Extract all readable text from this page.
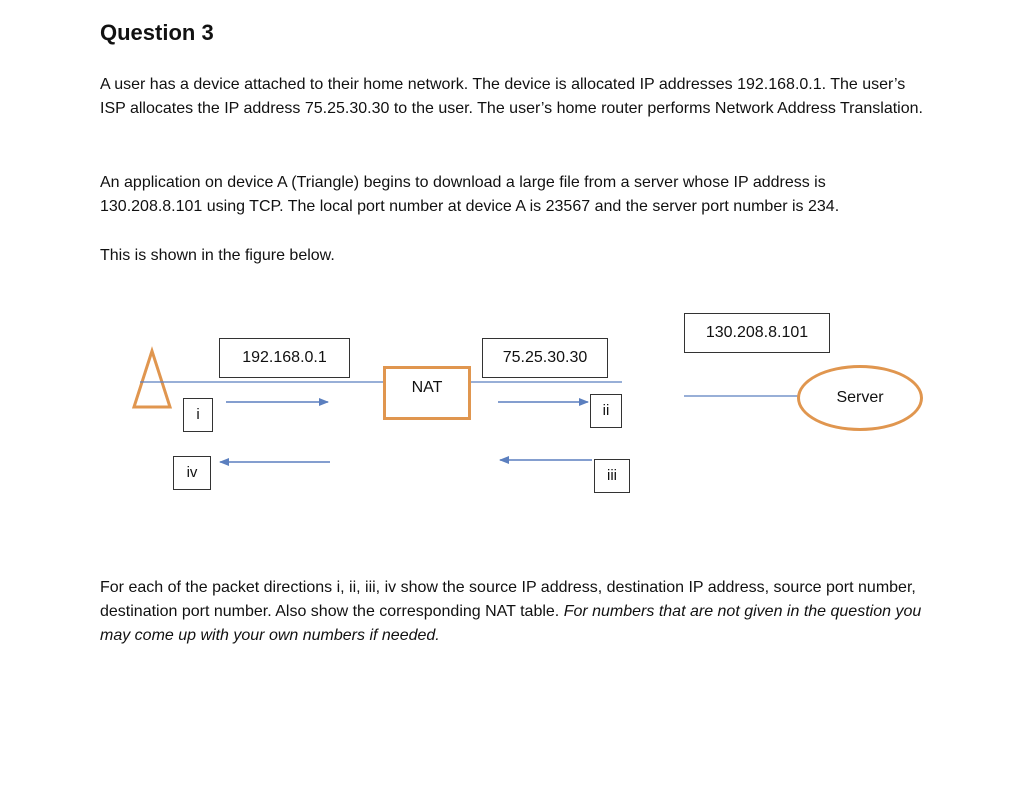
Question 3
A user has a device attached to their home network. The device is allocated IP addresses 192.168.0.1. The user’s ISP allocates the IP address 75.25.30.30 to the user. The user’s home router performs Network Address Translation.
An application on device A (Triangle) begins to download a large file from a server whose IP address is 130.208.8.101 using TCP. The local port number at device A is 23567 and the server port number is 234.
This is shown in the figure below.
192.168.0.1	75.25.30.30
130.208.8.101
NAT
Server
i	ii
iii
iv
For each of the packet directions i, ii, iii, iv show the source IP address, destination IP address, source port number, destination port number. Also show the corresponding NAT table. For numbers that are not given in the question you may come up with your own numbers if needed.
